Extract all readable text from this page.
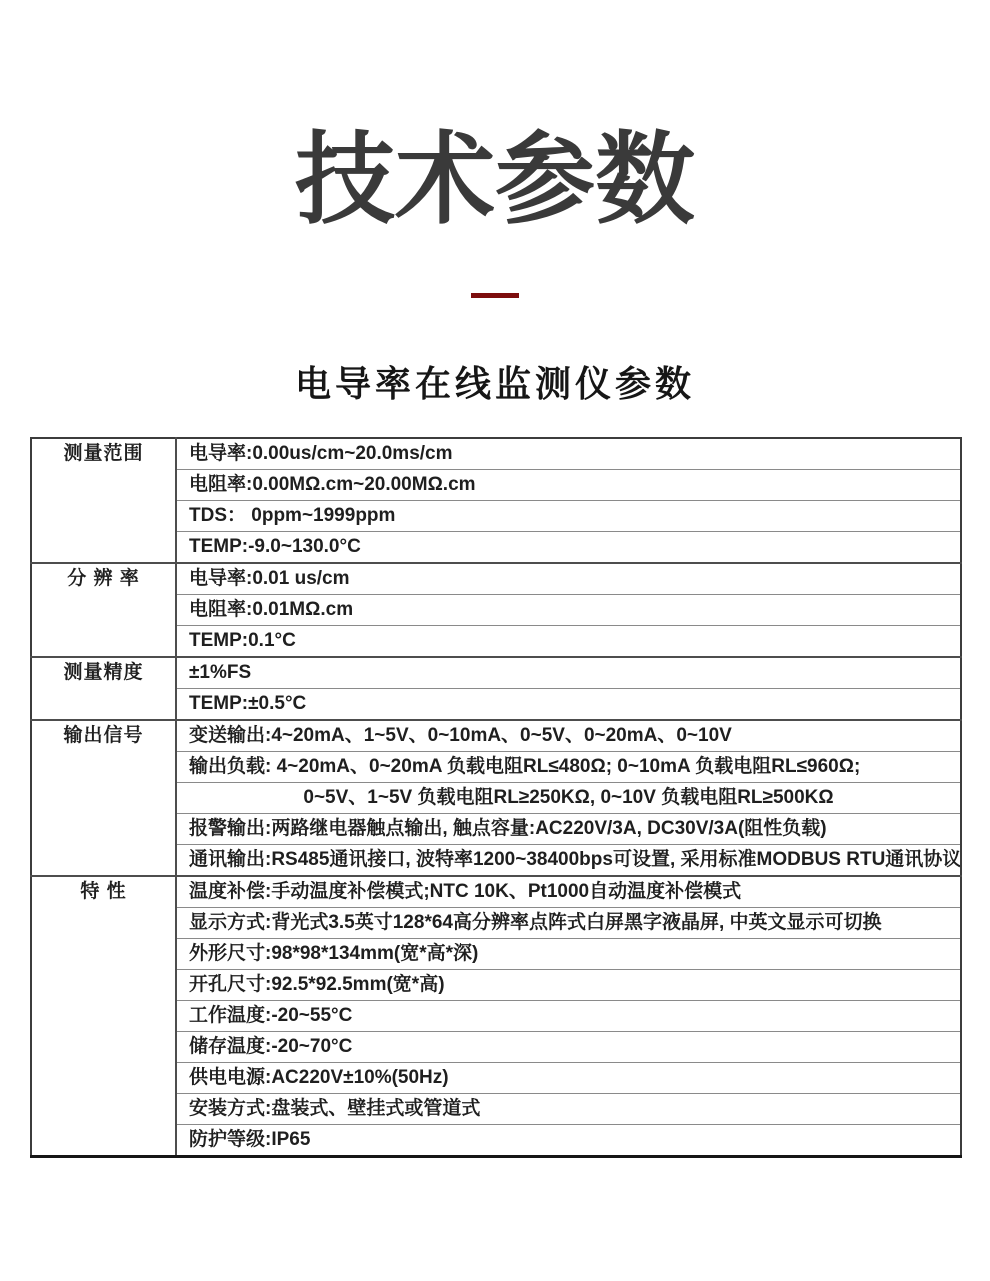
技术参数
电导率在线监测仪参数
测量范围	电导率:0.00us/cm~20.0ms/cm
	电阻率:0.00MΩ.cm~20.00MΩ.cm
	TDS： 0ppm~1999ppm
	TEMP:-9.0~130.0°C
分 辨 率	电导率:0.01 us/cm
	电阻率:0.01MΩ.cm
	TEMP:0.1°C
测量精度	±1%FS
	TEMP:±0.5°C
输出信号	变送输出:4~20mA、1~5V、0~10mA、0~5V、0~20mA、0~10V
	输出负载: 4~20mA、0~20mA 负载电阻RL≤480Ω; 0~10mA 负载电阻RL≤960Ω;
	0~5V、1~5V 负载电阻RL≥250KΩ, 0~10V 负载电阻RL≥500KΩ
	报警输出:两路继电器触点输出, 触点容量:AC220V/3A, DC30V/3A(阻性负载)
	通讯输出:RS485通讯接口, 波特率1200~38400bps可设置, 采用标准MODBUS RTU通讯协议
特 性	温度补偿:手动温度补偿模式;NTC 10K、Pt1000自动温度补偿模式
	显示方式:背光式3.5英寸128*64高分辨率点阵式白屏黑字液晶屏, 中英文显示可切换
	外形尺寸:98*98*134mm(宽*高*深)
	开孔尺寸:92.5*92.5mm(宽*高)
	工作温度:-20~55°C
	储存温度:-20~70°C
	供电电源:AC220V±10%(50Hz)
	安装方式:盘装式、壁挂式或管道式
	防护等级:IP65
